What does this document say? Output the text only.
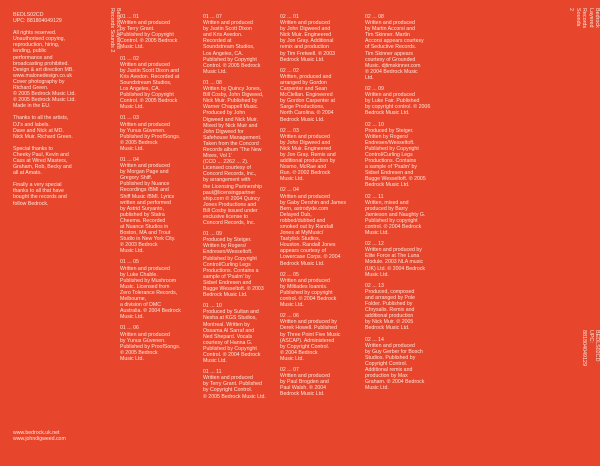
BEDLS02CD

UPC: 881804049129

All rights reserved.
Unauthorised copying,
reproduction, hiring,
lending, public
performance and
broadcasting prohibited.
Design & art direction MB.
www.malonedesign.co.uk
Cover photography by
Richard Green.
© 2005 Bedrock Music Ltd.
℗ 2005 Bedrock Music Ltd.
Made in the EU.

Thanks to all the artists,
DJ's and labels.
Dave and Nick at MD.
Nick Muir. Richard Green.

Special thanks to
Cheeky Paul, Kevin and
Cass at Wired Masters,
Graham, Rob, Becky and
all at Amato.

Finally a very special
thanks to all that have
bought the records and
follow Bedrock.

www.bedrock.uk.net
www.johndigweed.com
Bedrock Layered
Records Sounds 2
Bedrock Layered
Records Sounds 2
BEDLS02CD
UPC: 881804049129
01 ... 01
Written and produced
by Terry Grant.
Published by Copyright
Control. ℗ 2005 Bedrock
Music Ltd.
01 ... 02
Written and produced
by Justin Scott Dixon and
Kris Avedon. Recorded at
Soundstream Studios,
Los Angeles, CA.
Published by Copyright
Control. ℗ 2005 Bedrock
Music Ltd.
01 ... 03
Written and produced
by Yunus Güvenen.
Published by ProofSongs.
℗ 2005 Bedrock
Music Ltd.
01 ... 04
Written and produced
by Morgan Page and
Gregory Shiff.
Published by Nuance
Recordings /BMI and
Shiff Music /BMI. Lyrics
written and performed
by Astrid Suryanto,
published by Statra
Cheema. Recorded
at Nuance Studios in
Boston, MA and Trout
Studio in New York City.
℗ 2003 Bedrock
Music Ltd.
01 ... 05
Written and produced
by Luke Chable.
Published by Mushroom
Music. Licensed from
Zero Tolerance Records,
Melbourne,
a division of DMC
Australia. ℗ 2004 Bedrock
Music Ltd.
01 ... 06
Written and produced
by Yunus Güvenen.
Published by ProofSongs.
℗ 2005 Bedrock
Music Ltd.
01 ... 07
Written and produced
by Justin Scott Dixon
and Kris Avedon.
Recorded at
Soundstream Studios,
Los Angeles, CA.
Published by Copyright
Control. ℗ 2005 Bedrock
Music Ltd.
01 ... 08
Written by Quincy Jones,
Bill Cosby, John Digweed,
Nick Muir. Published by
Warner Chappell Music.
Produced by John
Digweed and Nick Muir.
Mixed by Nick Muir and
John Digweed for
Safehouse Management.
Taken from the Concord
Records album 'The New
Mixes, Vol 1'
(CCD ... 2262 ... 2).
Licensed courtesy of
Concord Records, Inc.,
by arrangement with
the Licensing Partnership
paul@licensingpartner
ship.com ℗ 2004 Quincy
Jones Productions and
Bill Cosby issued under
exclusive license to
Concord Records, Inc.
01 ... 09
Produced by Steiger.
Written by Rogers/
Endresen/Wesseltoft.
Published by Copyright
Control/Curling Legs
Productions. Contains a
sample of 'Psalm' by
Sidsel Endresen and
Bugge Wesseltoft. ℗ 2003
Bedrock Music Ltd.
01 ... 10
Produced by Sultan and
Nesha at KGS Studios,
Montreal. Written by
Ossama Al Sarraf and
Ned Shepard. Vocals
courtesy of Hanna G.
Published by Copyright
Control. ℗ 2004 Bedrock
Music Ltd.
01 ... 11
Written and produced
by Terry Grant. Published
by Copyright Control.
℗ 2005 Bedrock Music Ltd.
02 ... 01
Written and produced
by John Digweed and
Nick Muir. Engineered
by Jon Gray. Additional
remix and production
by Tim Fretwell. ℗ 2003
Bedrock Music Ltd.
02 ... 02
Written, produced and
arranged by Gordon
Carpenter and Sean
McClellan. Engineered
by Gordon Carpenter at
Sarge Productions,
North Carolina. ℗ 2004
Bedrock Music Ltd.
02 ... 03
Written and produced
by John Digweed and
Nick Muir. Engineered
by Jon Gray. Remix and
additional production by
Nosmo, McRae and
Run. ℗ 2002 Bedrock
Music Ltd.
02 ... 04
Written and produced
by Gaby Dershin and James
Bern, astrodyde.com
Delayed Dub,
robbed/dubbed and
smoked out by Randall
Jones at MyMusic/
Tastylick Studios,
Houston. Randall Jones
appears courtesy of
Lowercase Corps. ℗ 2004
Bedrock Music Ltd.
02 ... 05
Written and produced
by Miltiades Ioannis.
Published by copyright
control. ℗ 2004 Bedrock
Music Ltd.
02 ... 06
Written and produced by
Derek Howell. Published
by Three Point Five Music
(ASCAP). Administered
by Copyright Control.
℗ 2004 Bedrock
Music Ltd.
02 ... 07
Written and produced
by Paul Brogden and
Paul Walsh. ℗ 2004
Bedrock Music Ltd.
02 ... 08
Written and produced
by Martin Accorsi and
Tim Skinner. Martin
Accorsi appears courtesy
of Seductive Records.
Tim Skinner appears
courtesy of Grounded
Music. djtimskinner.com
℗ 2004 Bedrock Music
Ltd.
02 ... 09
Written and produced
by Luke Fair. Published
by copyright control. ℗ 2006
Bedrock Music Ltd.
02 ... 10
Produced by Steiger.
Written by Rogers/
Endresen/Wesseltoft.
Published by Copyright
Control/Curling Legs
Productions. Contains
a sample of 'Psalm' by
Sidsel Endresen and
Bugge Wesseltoft. ℗ 2005
Bedrock Music Ltd.
02 ... 11
Written, mixed and
produced by Barry
Jamieson and Naughty G.
Published by copyright
control. ℗ 2004 Bedrock
Music Ltd.
02 ... 12
Written and produced by
Elite Force at The Luna
Module. 2003 NLA music
(UK) Ltd. ℗ 2004 Bedrock
Music Ltd.
02 ... 13
Produced, composed
and arranged by Pole
Folder. Published by
Chrysalis. Remix and
additional production
by Nick Muir. ℗ 2005
Bedrock Music Ltd.
02 ... 14
Written and produced
by Guy Gerber for Bosch
Studios. Published by
Copyright Control.
Additional remix and
production by Max
Graham. ℗ 2004 Bedrock
Music Ltd.
